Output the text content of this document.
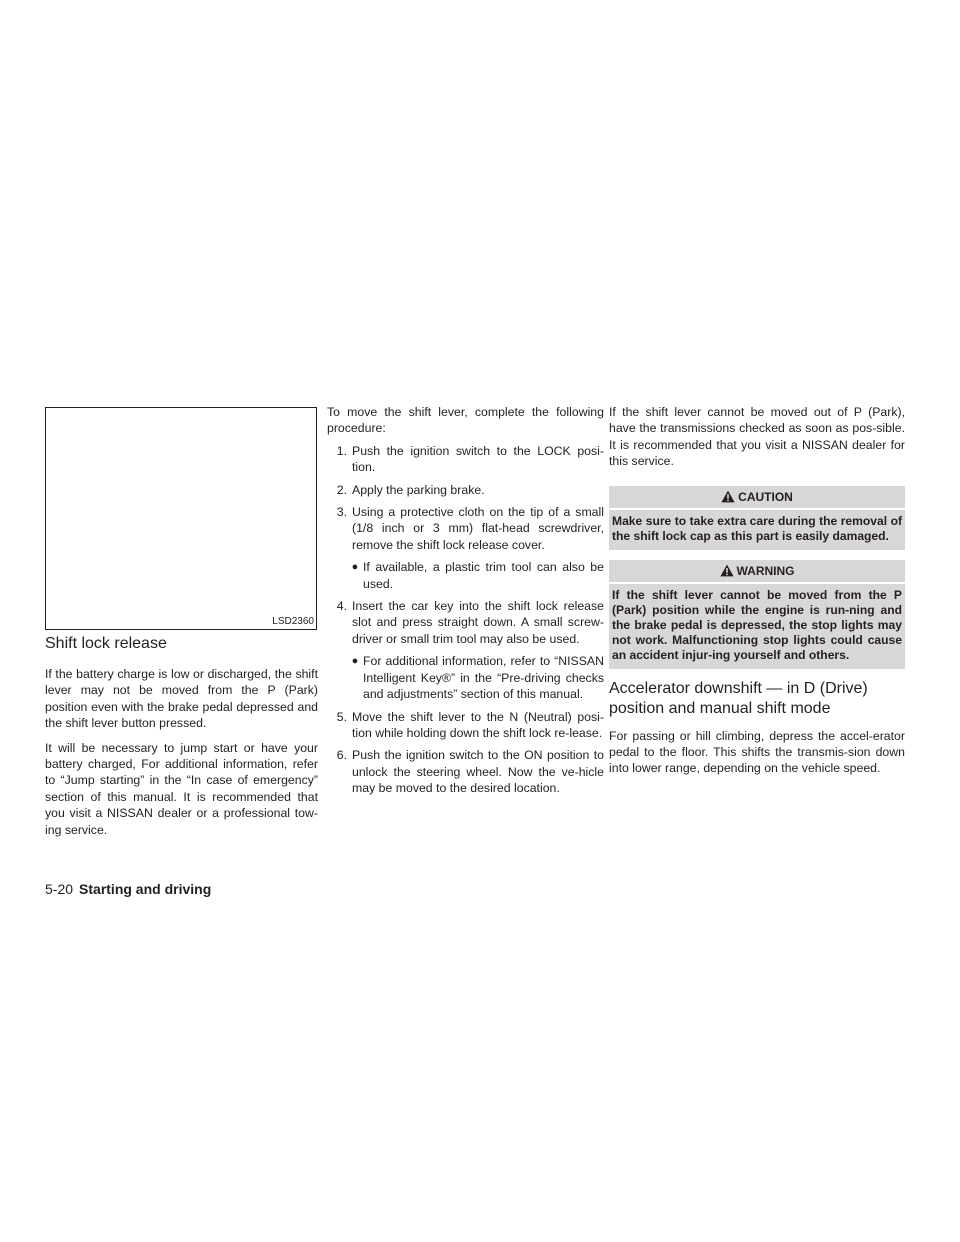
LSD2360
Shift lock release

If the battery charge is low or discharged, the shift lever may not be moved from the P (Park) position even with the brake pedal depressed and the shift lever button pressed.

It will be necessary to jump start or have your battery charged, For additional information, refer to “Jump starting” in the “In case of emergency” section of this manual. It is recommended that you visit a NISSAN dealer or a professional tow-ing service.

To move the shift lever, complete the following procedure:

1. Push the ignition switch to the LOCK posi-tion.
2. Apply the parking brake.
3. Using a protective cloth on the tip of a small (1/8 inch or 3 mm) flat-head screwdriver, remove the shift lock release cover.
● If available, a plastic trim tool can also be used.
4. Insert the car key into the shift lock release slot and press straight down. A small screw-driver or small trim tool may also be used.
● For additional information, refer to “NISSAN Intelligent Key®” in the “Pre-driving checks and adjustments” section of this manual.
5. Move the shift lever to the N (Neutral) posi-tion while holding down the shift lock re-lease.
6. Push the ignition switch to the ON position to unlock the steering wheel. Now the ve-hicle may be moved to the desired location.

If the shift lever cannot be moved out of P (Park), have the transmissions checked as soon as pos-sible. It is recommended that you visit a NISSAN dealer for this service.

CAUTION
Make sure to take extra care during the removal of the shift lock cap as this part is easily damaged.
WARNING
If the shift lever cannot be moved from the P (Park) position while the engine is run-ning and the brake pedal is depressed, the stop lights may not work. Malfunctioning stop lights could cause an accident injur-ing yourself and others.
Accelerator downshift — in D (Drive) position and manual shift mode

For passing or hill climbing, depress the accel-erator pedal to the floor. This shifts the transmis-sion down into lower range, depending on the vehicle speed.

5-20 Starting and driving
